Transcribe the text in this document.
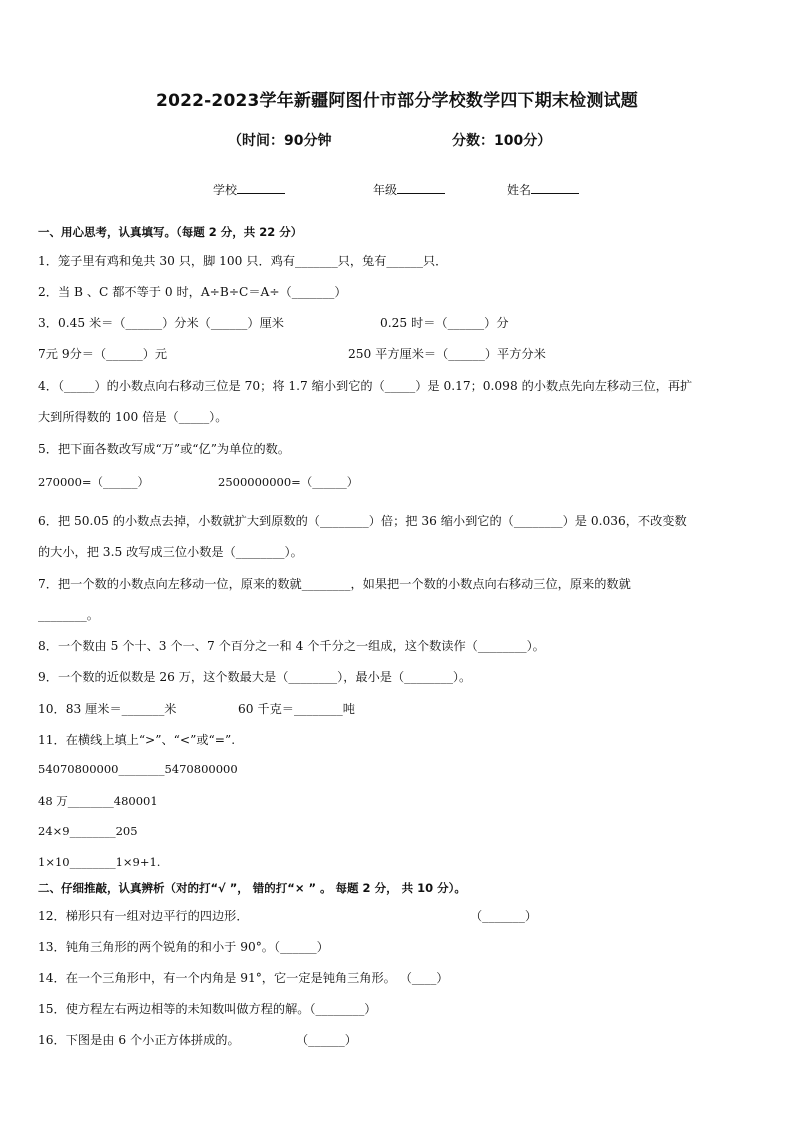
2022-2023学年新疆阿图什市部分学校数学四下期末检测试题
（时间：90分钟	分数：100分）
学校	年级	姓名
一、用心思考，认真填写。（每题 2 分，共 22 分）
1．笼子里有鸡和兔共 30 只，脚 100 只．鸡有_______只，兔有______只．
2．当 B 、C 都不等于 0 时，A÷B÷C＝A÷（_______）
3．0.45 米＝（______）分米（______）厘米	0.25 时＝（______）分
7元 9分＝（______）元	250 平方厘米＝（______）平方分米
4．（_____）的小数点向右移动三位是 70；将 1.7 缩小到它的（_____）是 0.17；0.098 的小数点先向左移动三位，再扩
大到所得数的 100 倍是（_____）。
5．把下面各数改写成“万”或“亿”为单位的数。
270000=（______）	2500000000=（______）
6．把 50.05 的小数点去掉，小数就扩大到原数的（________）倍；把 36 缩小到它的（________）是 0.036，不改变数
的大小，把 3.5 改写成三位小数是（________）。
7．把一个数的小数点向左移动一位，原来的数就________，如果把一个数的小数点向右移动三位，原来的数就
________。
8．一个数由 5 个十、3 个一、7 个百分之一和 4 个千分之一组成，这个数读作（________）。
9．一个数的近似数是 26 万，这个数最大是（________），最小是（________）。
10．83 厘米＝_______米	60 千克＝________吨
11．在横线上填上“>”、“<”或“=”.
54070800000________5470800000
48 万________480001
24×9________205
1×10________1×9+1.
二、仔细推敲，认真辨析（对的打“√ ”， 错的打“× ” 。 每题 2 分， 共 10 分）。
12．梯形只有一组对边平行的四边形．	（_______）
13．钝角三角形的两个锐角的和小于 90°。（______）
14．在一个三角形中，有一个内角是 91°，它一定是钝角三角形。 （____）
15．使方程左右两边相等的未知数叫做方程的解。（________）
16．下图是由 6 个小正方体拼成的。	（______）
